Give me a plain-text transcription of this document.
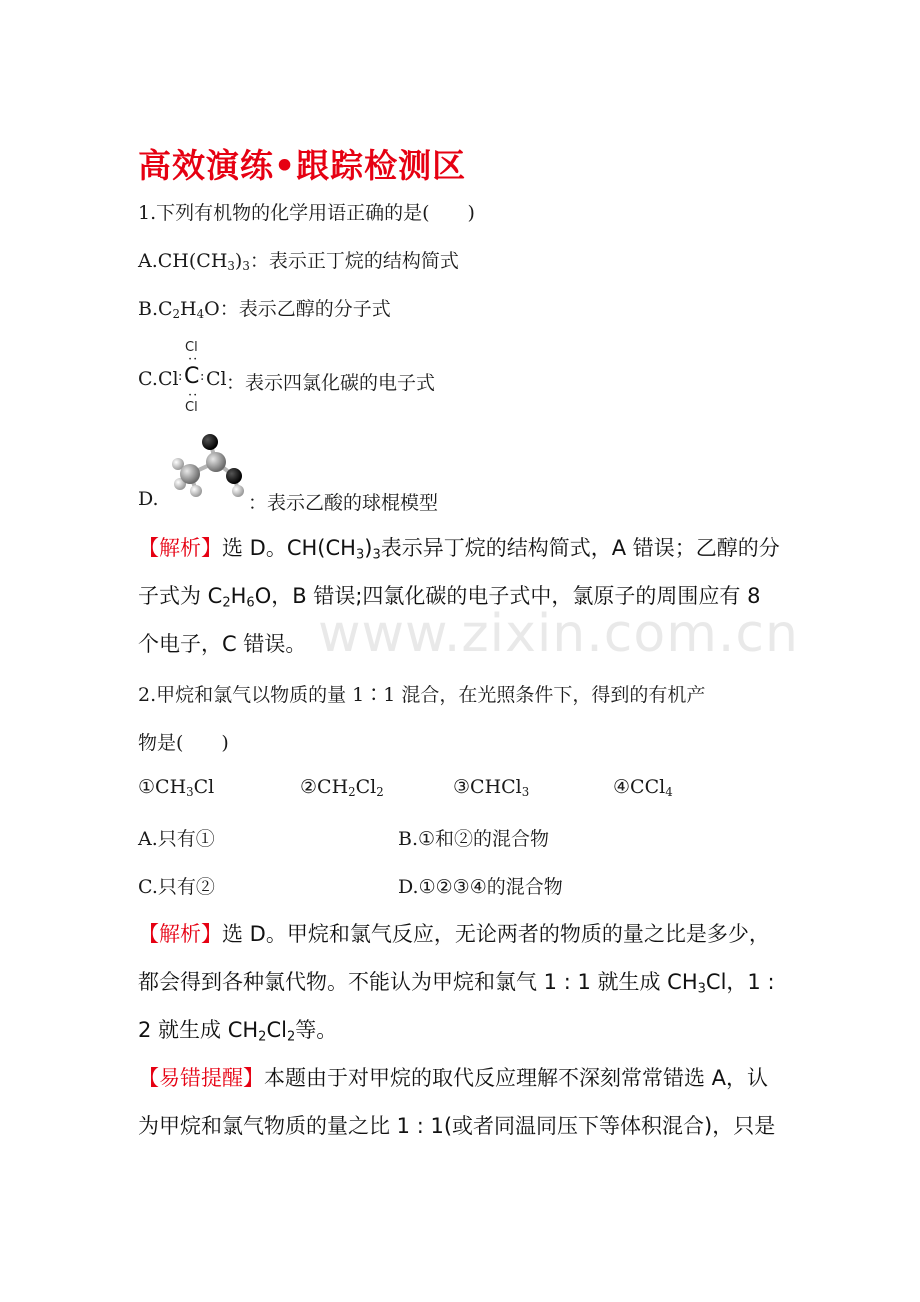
www.zixin.com.cn
高效演练•跟踪检测区
1.下列有机物的化学用语正确的是(　　)
$A.CH(CH_3)_3$：表示正丁烷的结构简式
$B.C_2H_4O$：表示乙醇的分子式
C.
Cl
··
Cl : C : Cl ：表示四氯化碳的电子式
··
Cl
D.	：表示乙酸的球棍模型
【解析】选 D。$CH(CH_3)_3$表示异丁烷的结构简式，A 错误；乙醇的分子式为 $C_2H_6O$，B 错误;四氯化碳的电子式中，氯原子的周围应有 8 个电子，C 错误。
2.甲烷和氯气以物质的量 1∶1 混合，在光照条件下，得到的有机产
物是(　　)
$①CH_3Cl$	$②CH_2Cl_2$	③CHCl$_3$	④CCl$_4$
A.只有①	B.①和②的混合物
C.只有②	D.①②③④的混合物
【解析】选 D。甲烷和氯气反应，无论两者的物质的量之比是多少，都会得到各种氯代物。不能认为甲烷和氯气 1 : 1 就生成 $CH_3Cl$，1 : 2 就生成 $CH_2Cl_2$等。
【易错提醒】本题由于对甲烷的取代反应理解不深刻常常错选 A，认为甲烷和氯气物质的量之比 1 : 1(或者同温同压下等体积混合)，只是
